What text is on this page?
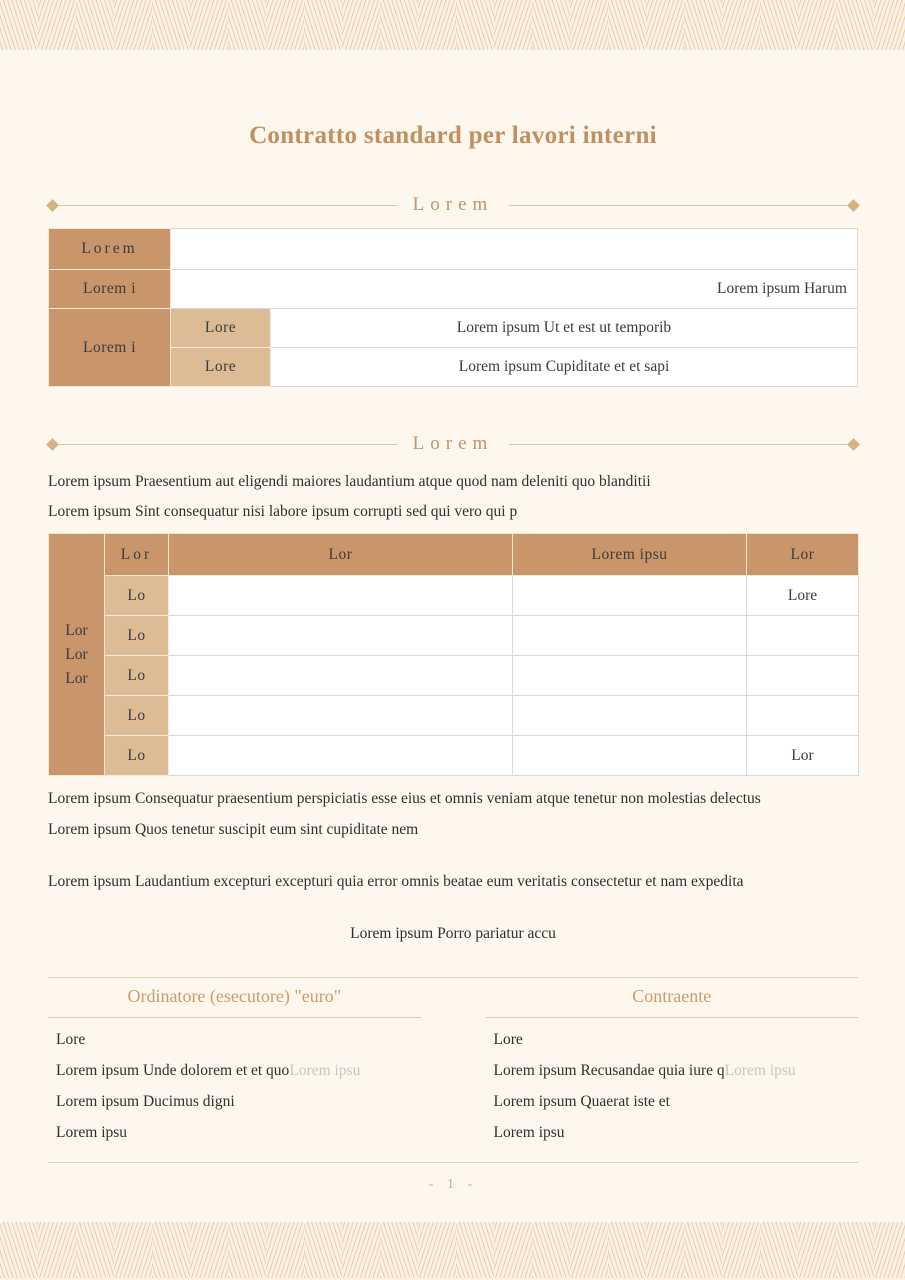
Contratto standard per lavori interni
Lorem
Lorem		
Lorem i	Lorem ipsum Harum	
Lorem i	Lore	Lorem ipsum Ut et est ut temporib
	Lore	Lorem ipsum Cupiditate et et sapi
Lorem

Lorem ipsum Praesentium aut eligendi maiores laudantium atque quod nam deleniti quo blanditii

Lorem ipsum Sint consequatur nisi labore ipsum corrupti sed qui vero qui p

Lor
Lor
Lor	Lor	Lor	Lorem ipsu	Lor
	Lo			Lore
	Lo			
	Lo			
	Lo			
	Lo			Lor

Lorem ipsum Consequatur praesentium perspiciatis esse eius et omnis veniam atque tenetur non molestias delectus

Lorem ipsum Quos tenetur suscipit eum sint cupiditate nem

Lorem ipsum Laudantium excepturi excepturi quia error omnis beatae eum veritatis consectetur et nam expedita

Lorem ipsum Porro pariatur accu

Ordinatore (esecutore) "euro"
Lore
Lorem ipsum Unde dolorem et et quoLorem ipsu
Lorem ipsum Ducimus digni
Lorem ipsu
Contraente
Lore
Lorem ipsum Recusandae quia iure qLorem ipsu
Lorem ipsum Quaerat iste et
Lorem ipsu
- 1 -
